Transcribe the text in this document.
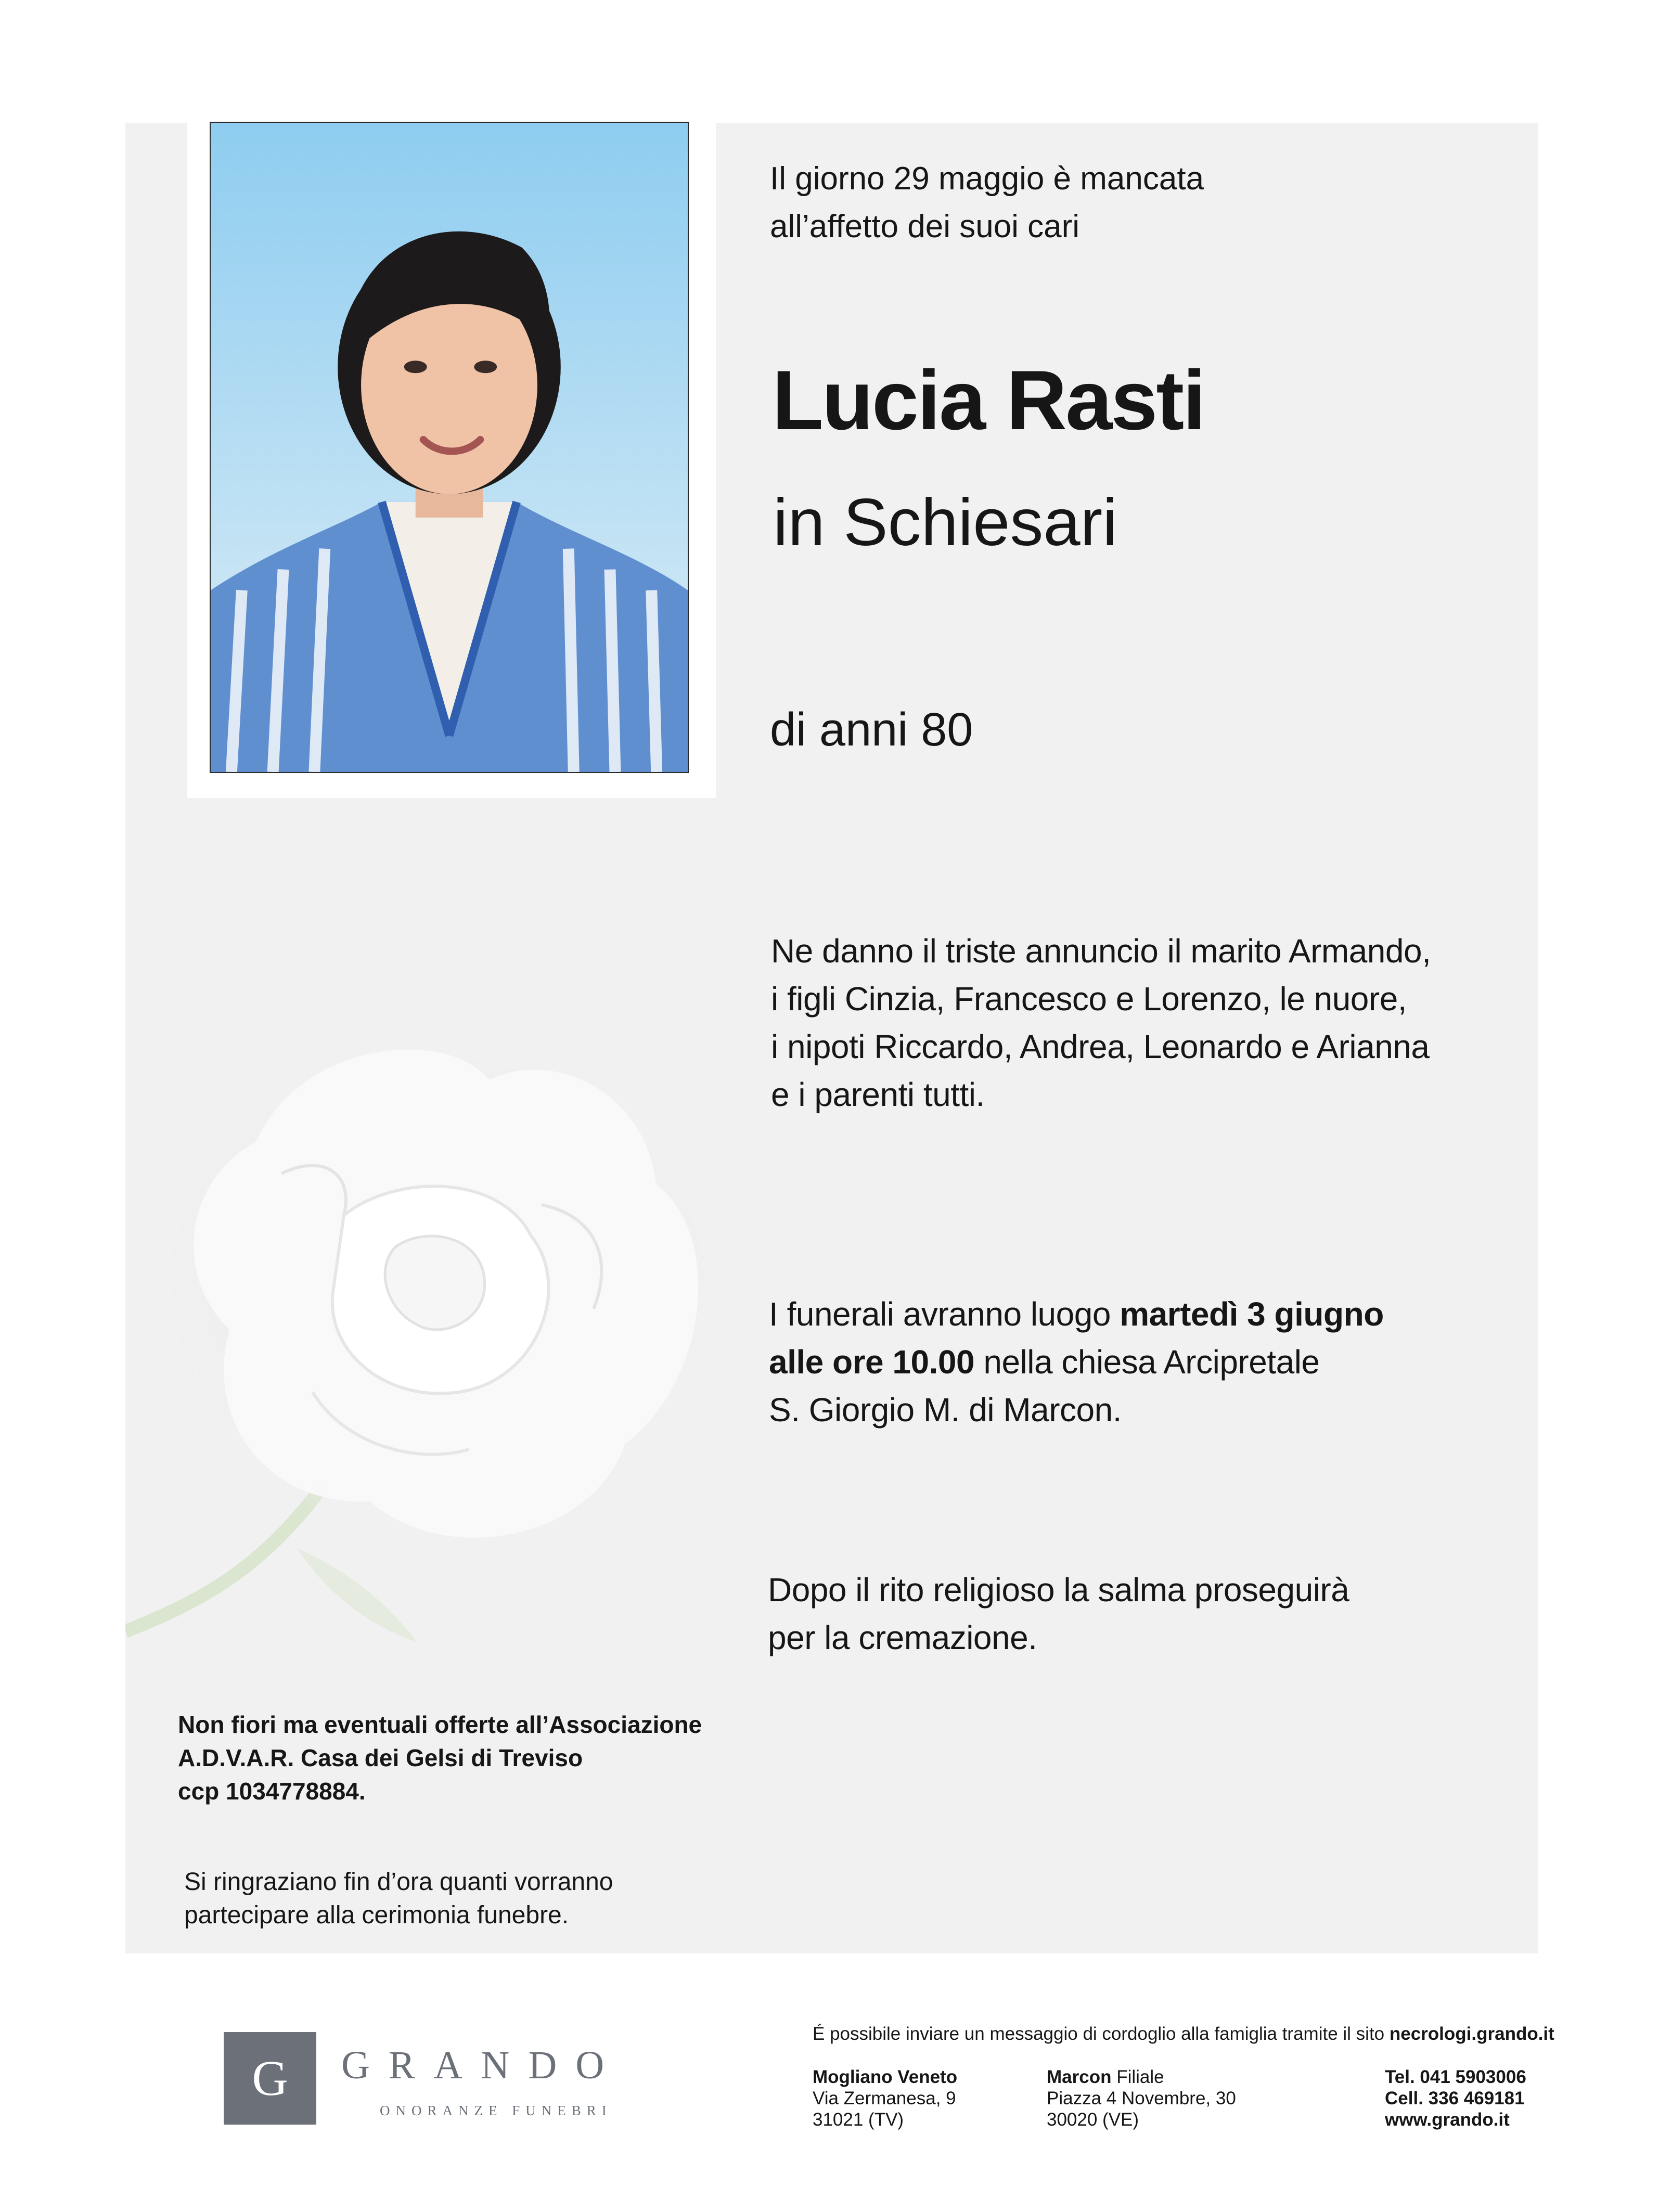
Il giorno 29 maggio è mancata
all’affetto dei suoi cari
Lucia Rasti
in Schiesari
di anni 80
Ne danno il triste annuncio il marito Armando,
i figli Cinzia, Francesco e Lorenzo, le nuore,
i nipoti Riccardo, Andrea, Leonardo e Arianna
e i parenti tutti.
I funerali avranno luogo martedì 3 giugno
alle ore 10.00 nella chiesa Arcipretale
S. Giorgio M. di Marcon.
Dopo il rito religioso la salma proseguirà
per la cremazione.
Non fiori ma eventuali offerte all’Associazione
A.D.V.A.R. Casa dei Gelsi di Treviso
ccp 1034778884.
Si ringraziano fin d’ora quanti vorranno
partecipare alla cerimonia funebre.
G GRANDO
ONORANZE FUNEBRI
É possibile inviare un messaggio di cordoglio alla famiglia tramite il sito necrologi.grando.it
Mogliano Veneto
Via Zermanesa, 9
31021 (TV)
Marcon Filiale
Piazza 4 Novembre, 30
30020 (VE)
Tel. 041 5903006
Cell. 336 469181
www.grando.it
